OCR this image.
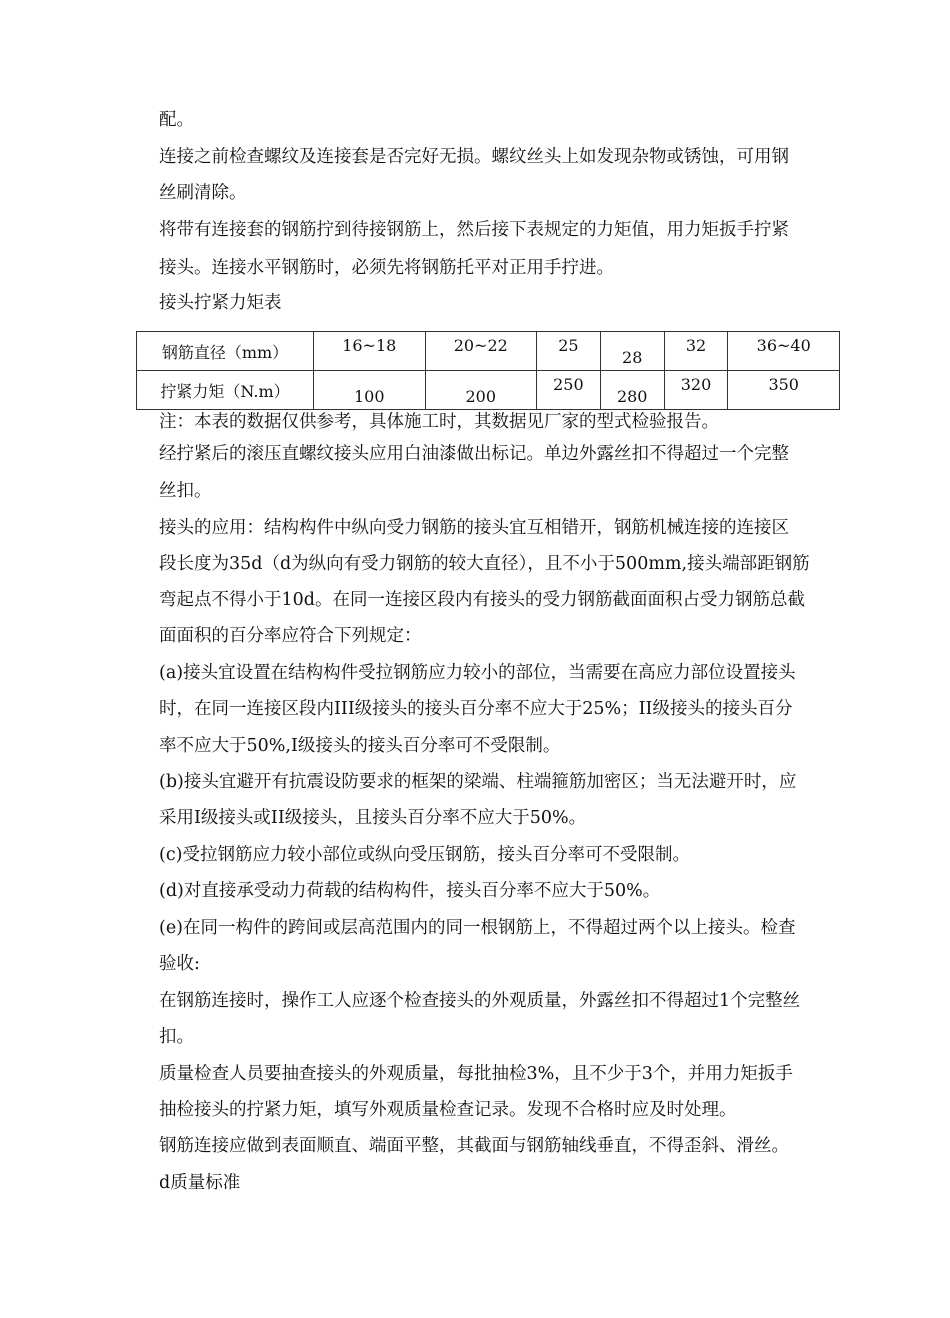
配。
连接之前检查螺纹及连接套是否完好无损。螺纹丝头上如发现杂物或锈蚀，可用钢
丝刷清除。
将带有连接套的钢筋拧到待接钢筋上，然后接下表规定的力矩值，用力矩扳手拧紧
接头。连接水平钢筋时，必须先将钢筋托平对正用手拧进。
接头拧紧力矩表
钢筋直径（mm）	16~18	20~22	25	28	32	36~40
拧紧力矩（N.m）	100	200	250	280	320	350
注：本表的数据仅供参考，具体施工时，其数据见厂家的型式检验报告。
经拧紧后的滚压直螺纹接头应用白油漆做出标记。单边外露丝扣不得超过一个完整
丝扣。
接头的应用：结构构件中纵向受力钢筋的接头宜互相错开，钢筋机械连接的连接区
段长度为35d（d为纵向有受力钢筋的较大直径），且不小于500mm,接头端部距钢筋
弯起点不得小于10d。在同一连接区段内有接头的受力钢筋截面面积占受力钢筋总截
面面积的百分率应符合下列规定：
(a)接头宜设置在结构构件受拉钢筋应力较小的部位，当需要在高应力部位设置接头
时，在同一连接区段内III级接头的接头百分率不应大于25%；II级接头的接头百分
率不应大于50%,I级接头的接头百分率可不受限制。
(b)接头宜避开有抗震设防要求的框架的梁端、柱端箍筋加密区；当无法避开时，应
采用I级接头或II级接头，且接头百分率不应大于50%。
(c)受拉钢筋应力较小部位或纵向受压钢筋，接头百分率可不受限制。
(d)对直接承受动力荷载的结构构件，接头百分率不应大于50%。
(e)在同一构件的跨间或层高范围内的同一根钢筋上，不得超过两个以上接头。检查
验收:
在钢筋连接时，操作工人应逐个检查接头的外观质量，外露丝扣不得超过1个完整丝
扣。
质量检查人员要抽查接头的外观质量，每批抽检3%，且不少于3个，并用力矩扳手
抽检接头的拧紧力矩，填写外观质量检查记录。发现不合格时应及时处理。
钢筋连接应做到表面顺直、端面平整，其截面与钢筋轴线垂直，不得歪斜、滑丝。
d质量标准
